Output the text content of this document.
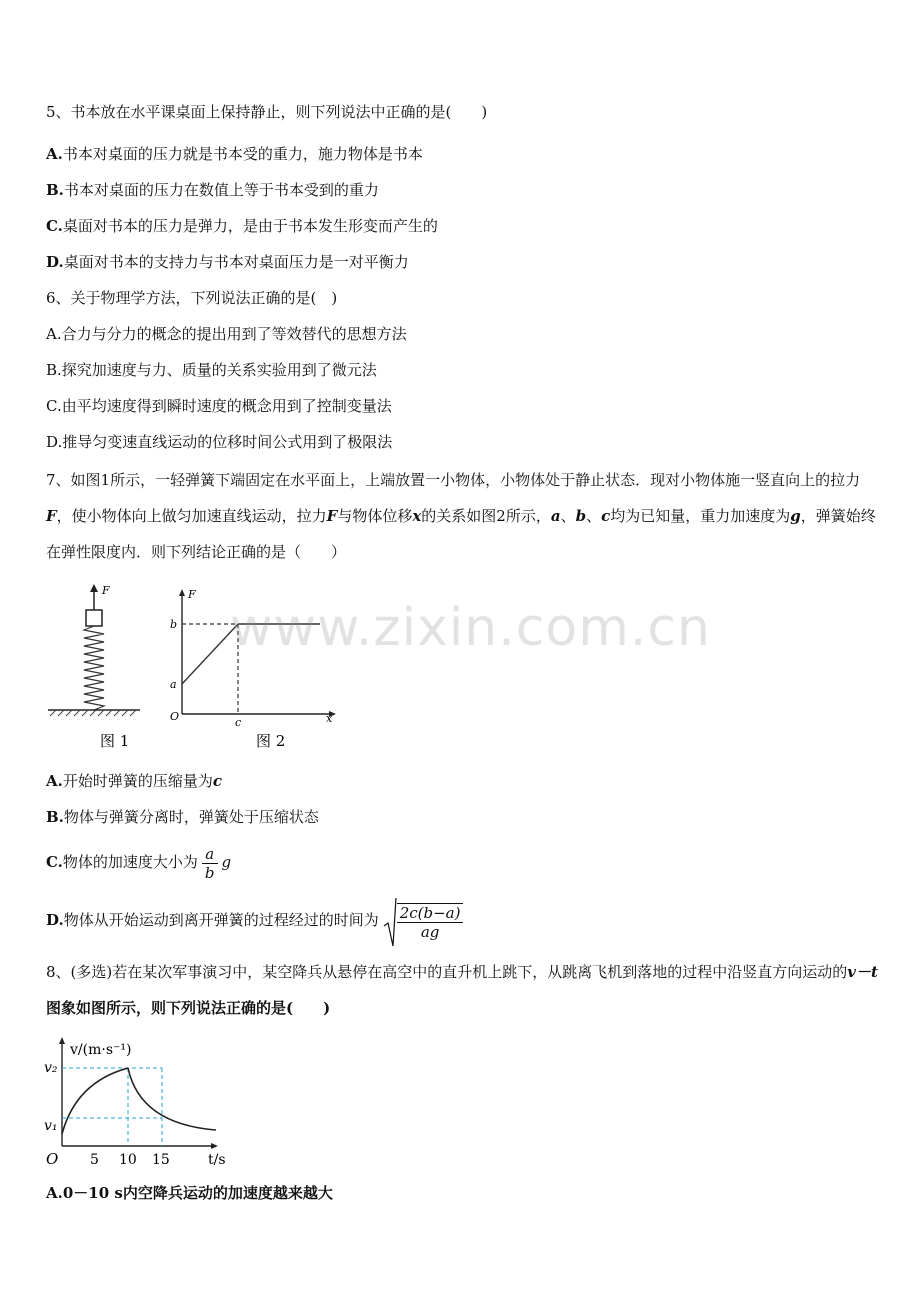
5、书本放在水平课桌面上保持静止，则下列说法中正确的是(　　)
A.书本对桌面的压力就是书本受的重力，施力物体是书本
B.书本对桌面的压力在数值上等于书本受到的重力
C.桌面对书本的压力是弹力，是由于书本发生形变而产生的
D.桌面对书本的支持力与书本对桌面压力是一对平衡力
6、关于物理学方法，下列说法正确的是(　)
A.合力与分力的概念的提出用到了等效替代的思想方法
B.探究加速度与力、质量的关系实验用到了微元法
C.由平均速度得到瞬时速度的概念用到了控制变量法
D.推导匀变速直线运动的位移时间公式用到了极限法
7、如图1所示，一轻弹簧下端固定在水平面上，上端放置一小物体，小物体处于静止状态．现对小物体施一竖直向上的拉力F，使小物体向上做匀加速直线运动，拉力F与物体位移x的关系如图2所示，a、b、c均为已知量，重力加速度为g，弹簧始终在弹性限度内．则下列结论正确的是（　　）
F
图 1
F
x
O
a
b
c
图 2
www.zixin.com.cn
A.开始时弹簧的压缩量为c
B.物体与弹簧分离时，弹簧处于压缩状态
C.物体的加速度大小为 $\frac{a}{b}$ g
D.物体从开始运动到离开弹簧的过程经过的时间为 $\frac{2c(b-a)}{ag}$
8、(多选)若在某次军事演习中，某空降兵从悬停在高空中的直升机上跳下，从跳离飞机到落地的过程中沿竖直方向运动的v－t图象如图所示，则下列说法正确的是(　　)
v/(m·s⁻¹)
t/s
O
v₂
v₁
5 10 15
A.0－10 s内空降兵运动的加速度越来越大
